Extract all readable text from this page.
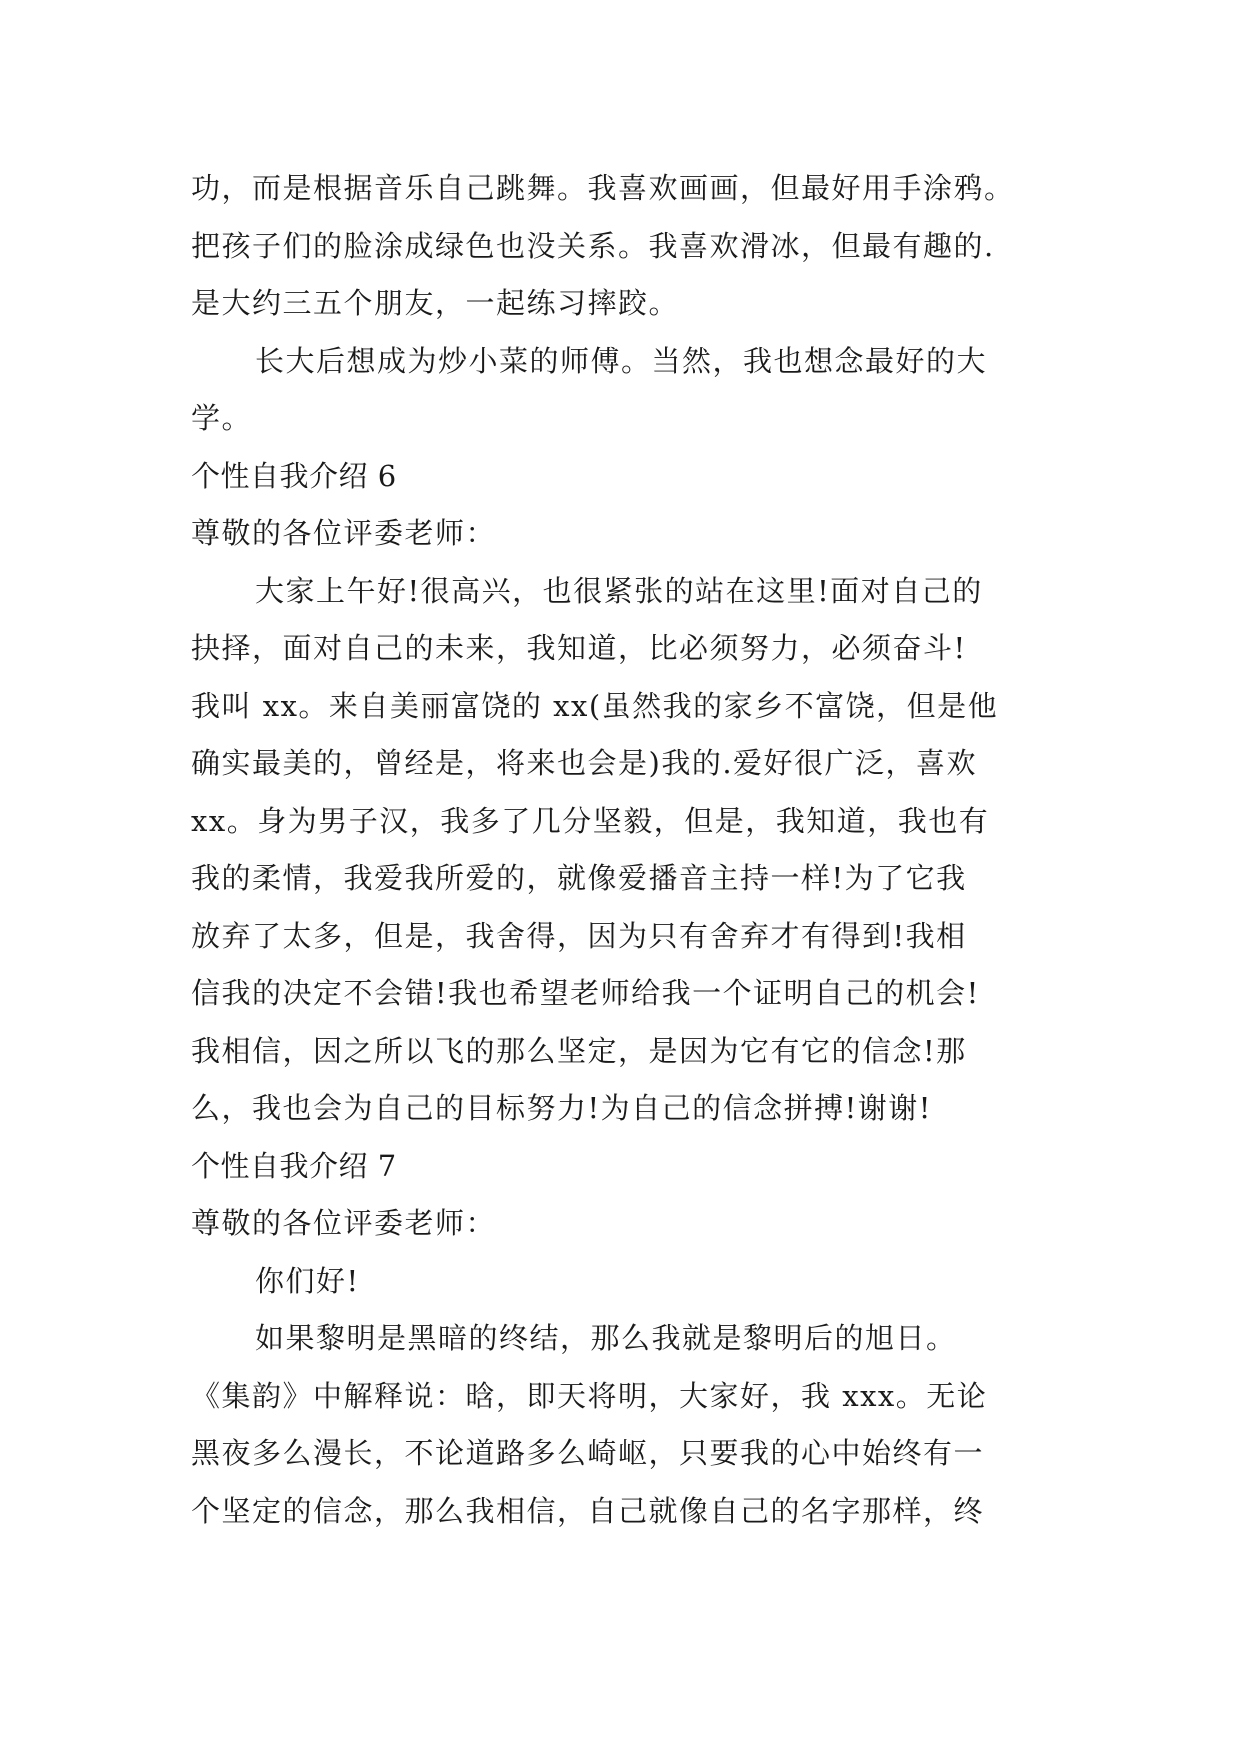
功，而是根据音乐自己跳舞。我喜欢画画，但最好用手涂鸦。
把孩子们的脸涂成绿色也没关系。我喜欢滑冰，但最有趣的.
是大约三五个朋友，一起练习摔跤。
长大后想成为炒小菜的师傅。当然，我也想念最好的大
学。
个性自我介绍 6
尊敬的各位评委老师：
大家上午好!很高兴，也很紧张的站在这里!面对自己的
抉择，面对自己的未来，我知道，比必须努力，必须奋斗!
我叫 xx。来自美丽富饶的 xx(虽然我的家乡不富饶，但是他
确实最美的，曾经是，将来也会是)我的.爱好很广泛，喜欢
xx。身为男子汉，我多了几分坚毅，但是，我知道，我也有
我的柔情，我爱我所爱的，就像爱播音主持一样!为了它我
放弃了太多，但是，我舍得，因为只有舍弃才有得到!我相
信我的决定不会错!我也希望老师给我一个证明自己的机会!
我相信，因之所以飞的那么坚定，是因为它有它的信念!那
么，我也会为自己的目标努力!为自己的信念拼搏!谢谢!
个性自我介绍 7
尊敬的各位评委老师：
你们好!
如果黎明是黑暗的终结，那么我就是黎明后的旭日。
《集韵》中解释说：晗，即天将明，大家好，我 xxx。无论
黑夜多么漫长，不论道路多么崎岖，只要我的心中始终有一
个坚定的信念，那么我相信，自己就像自己的名字那样，终
